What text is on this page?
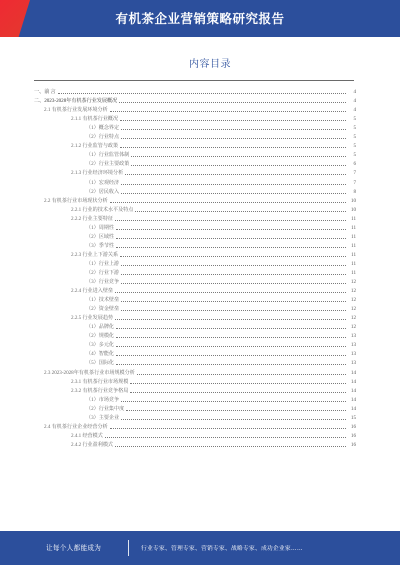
有机茶企业营销策略研究报告
内容目录
一、前 言	4
二、2023-2028年有机茶行业发展概况	4
2.1 有机茶行业发展环境分析	4
2.1.1 有机茶行业概况	5
（1）概念界定	5
（2）行业特点	5
2.1.2 行业监管与政策	5
（1）行业监管体制	5
（2）行业主要政策	6
2.1.3 行业经济环境分析	7
（1）宏观经济	7
（2）居民收入	8
2.2 有机茶行业市场现状分析	10
2.2.1 行业的技术水平及特点	10
2.2.2 行业主要特征	11
（1）周期性	11
（2）区域性	11
（3）季节性	11
2.2.3 行业上下游关系	11
（1）行业上游	11
（2）行业下游	11
（3）行业竞争	12
2.2.4 行业进入壁垒	12
（1）技术壁垒	12
（2）资金壁垒	12
2.2.5 行业发展趋势	12
（1）品牌化	12
（2）规模化	13
（3）多元化	13
（4）智能化	13
（5）国际化	13
2.3 2023-2028年有机茶行业市场规模分析	14
2.3.1 有机茶行业市场规模	14
2.3.2 有机茶行业竞争格局	14
（1）市场竞争	14
（2）行业集中度	14
（3）主要企业	15
2.4 有机茶行业企业经营分析	16
2.4.1 经营模式	16
2.4.2 行业盈利模式	16
让每个人都能成为	行业专家、管理专家、营销专家、战略专家、成功企业家……
